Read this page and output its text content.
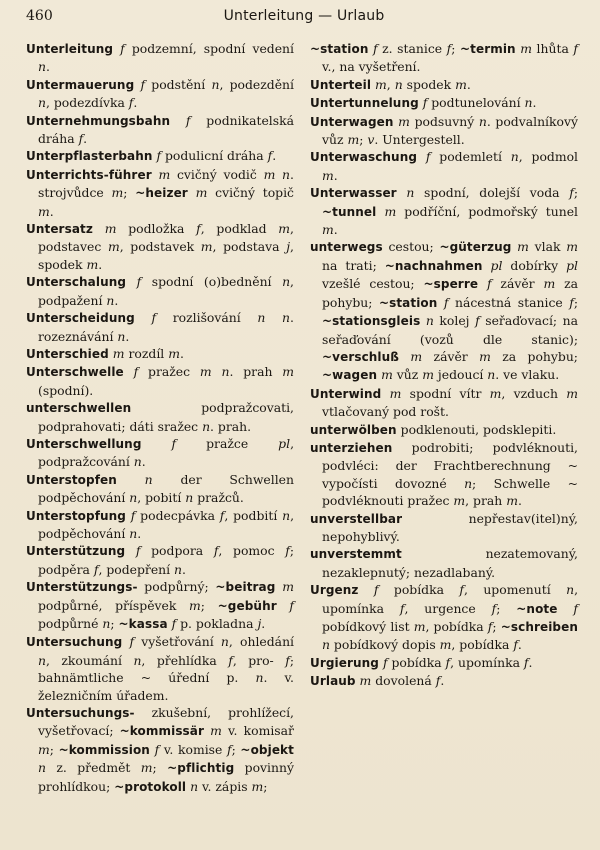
460	Unterleitung — Urlaub

Unterleitung f podzemní, spodní vedení n.

Untermauerung f podstění n, podezdění n, podezdívka f.

Unternehmungsbahn f podnikatelská dráha f.

Unterpflasterbahn f podulicní dráha f.

Unterrichts-führer m cvičný vodič m n. strojvůdce m; ~heizer m cvičný topič m.

Untersatz m podložka f, podklad m, podstavec m, podstavek m, podstava j, spodek m.

Unterschalung f spodní (o)bednění n, podpažení n.

Unterscheidung f rozlišování n n. rozeznávání n.

Unterschied m rozdíl m.

Unterschwelle f pražec m n. prah m (spodní).

unterschwellen podpražcovati, podprahovati; dáti sražec n. prah.

Unterschwellung f pražce pl, podpražcování n.

Unterstopfen n der Schwellen podpěchování n, pobití n pražců.

Unterstopfung f podecpávka f, podbití n, podpěchování n.

Unterstützung f podpora f, pomoc f; podpěra f, podepření n.

Unterstützungs- podpůrný; ~beitrag m podpůrné, příspěvek m; ~gebühr f podpůrné n; ~kassa f p. pokladna j.

Untersuchung f vyšetřování n, ohledání n, zkoumání n, přehlídka f, pro- f; bahnämtliche ~ úřední p. n. v. železničním úřadem.

Untersuchungs- zkušební, prohlížecí, vyšetřovací; ~kommissär m v. komisař m; ~kommission f v. komise f; ~objekt n z. předmět m; ~pflichtig povinný prohlídkou; ~protokoll n v. zápis m;

~station f z. stanice f; ~termin m lhůta f v., na vyšetření.

Unterteil m, n spodek m.

Untertunnelung f podtunelování n.

Unterwagen m podsuvný n. podvalníkový vůz m; v. Untergestell.

Unterwaschung f podemletí n, podmol m.

Unterwasser n spodní, dolejší voda f; ~tunnel m podříční, podmořský tunel m.

unterwegs cestou; ~güterzug m vlak m na trati; ~nachnahmen pl dobírky pl vzešlé cestou; ~sperre f závěr m za pohybu; ~station f nácestná stanice f; ~stationsgleis n kolej f seřaďovací; na seřaďování (vozů dle stanic); ~verschluß m závěr m za pohybu; ~wagen m vůz m jedoucí n. ve vlaku.

Unterwind m spodní vítr m, vzduch m vtlačovaný pod rošt.

unterwölben podklenouti, podsklepiti.

unterziehen podrobiti; podvléknouti, podvléci: der Frachtberechnung ~ vypočísti dovozné n; Schwelle ~ podvléknouti pražec m, prah m.

unverstellbar nepřestav(itel)ný, nepohyblivý.

unverstemmt nezatemovaný, nezaklepnutý; nezadlabaný.

Urgenz f pobídka f, upomenutí n, upomínka f, urgence f; ~note f pobídkový list m, pobídka f; ~schreiben n pobídkový dopis m, pobídka f.

Urgierung f pobídka f, upomínka f.

Urlaub m dovolená f.
